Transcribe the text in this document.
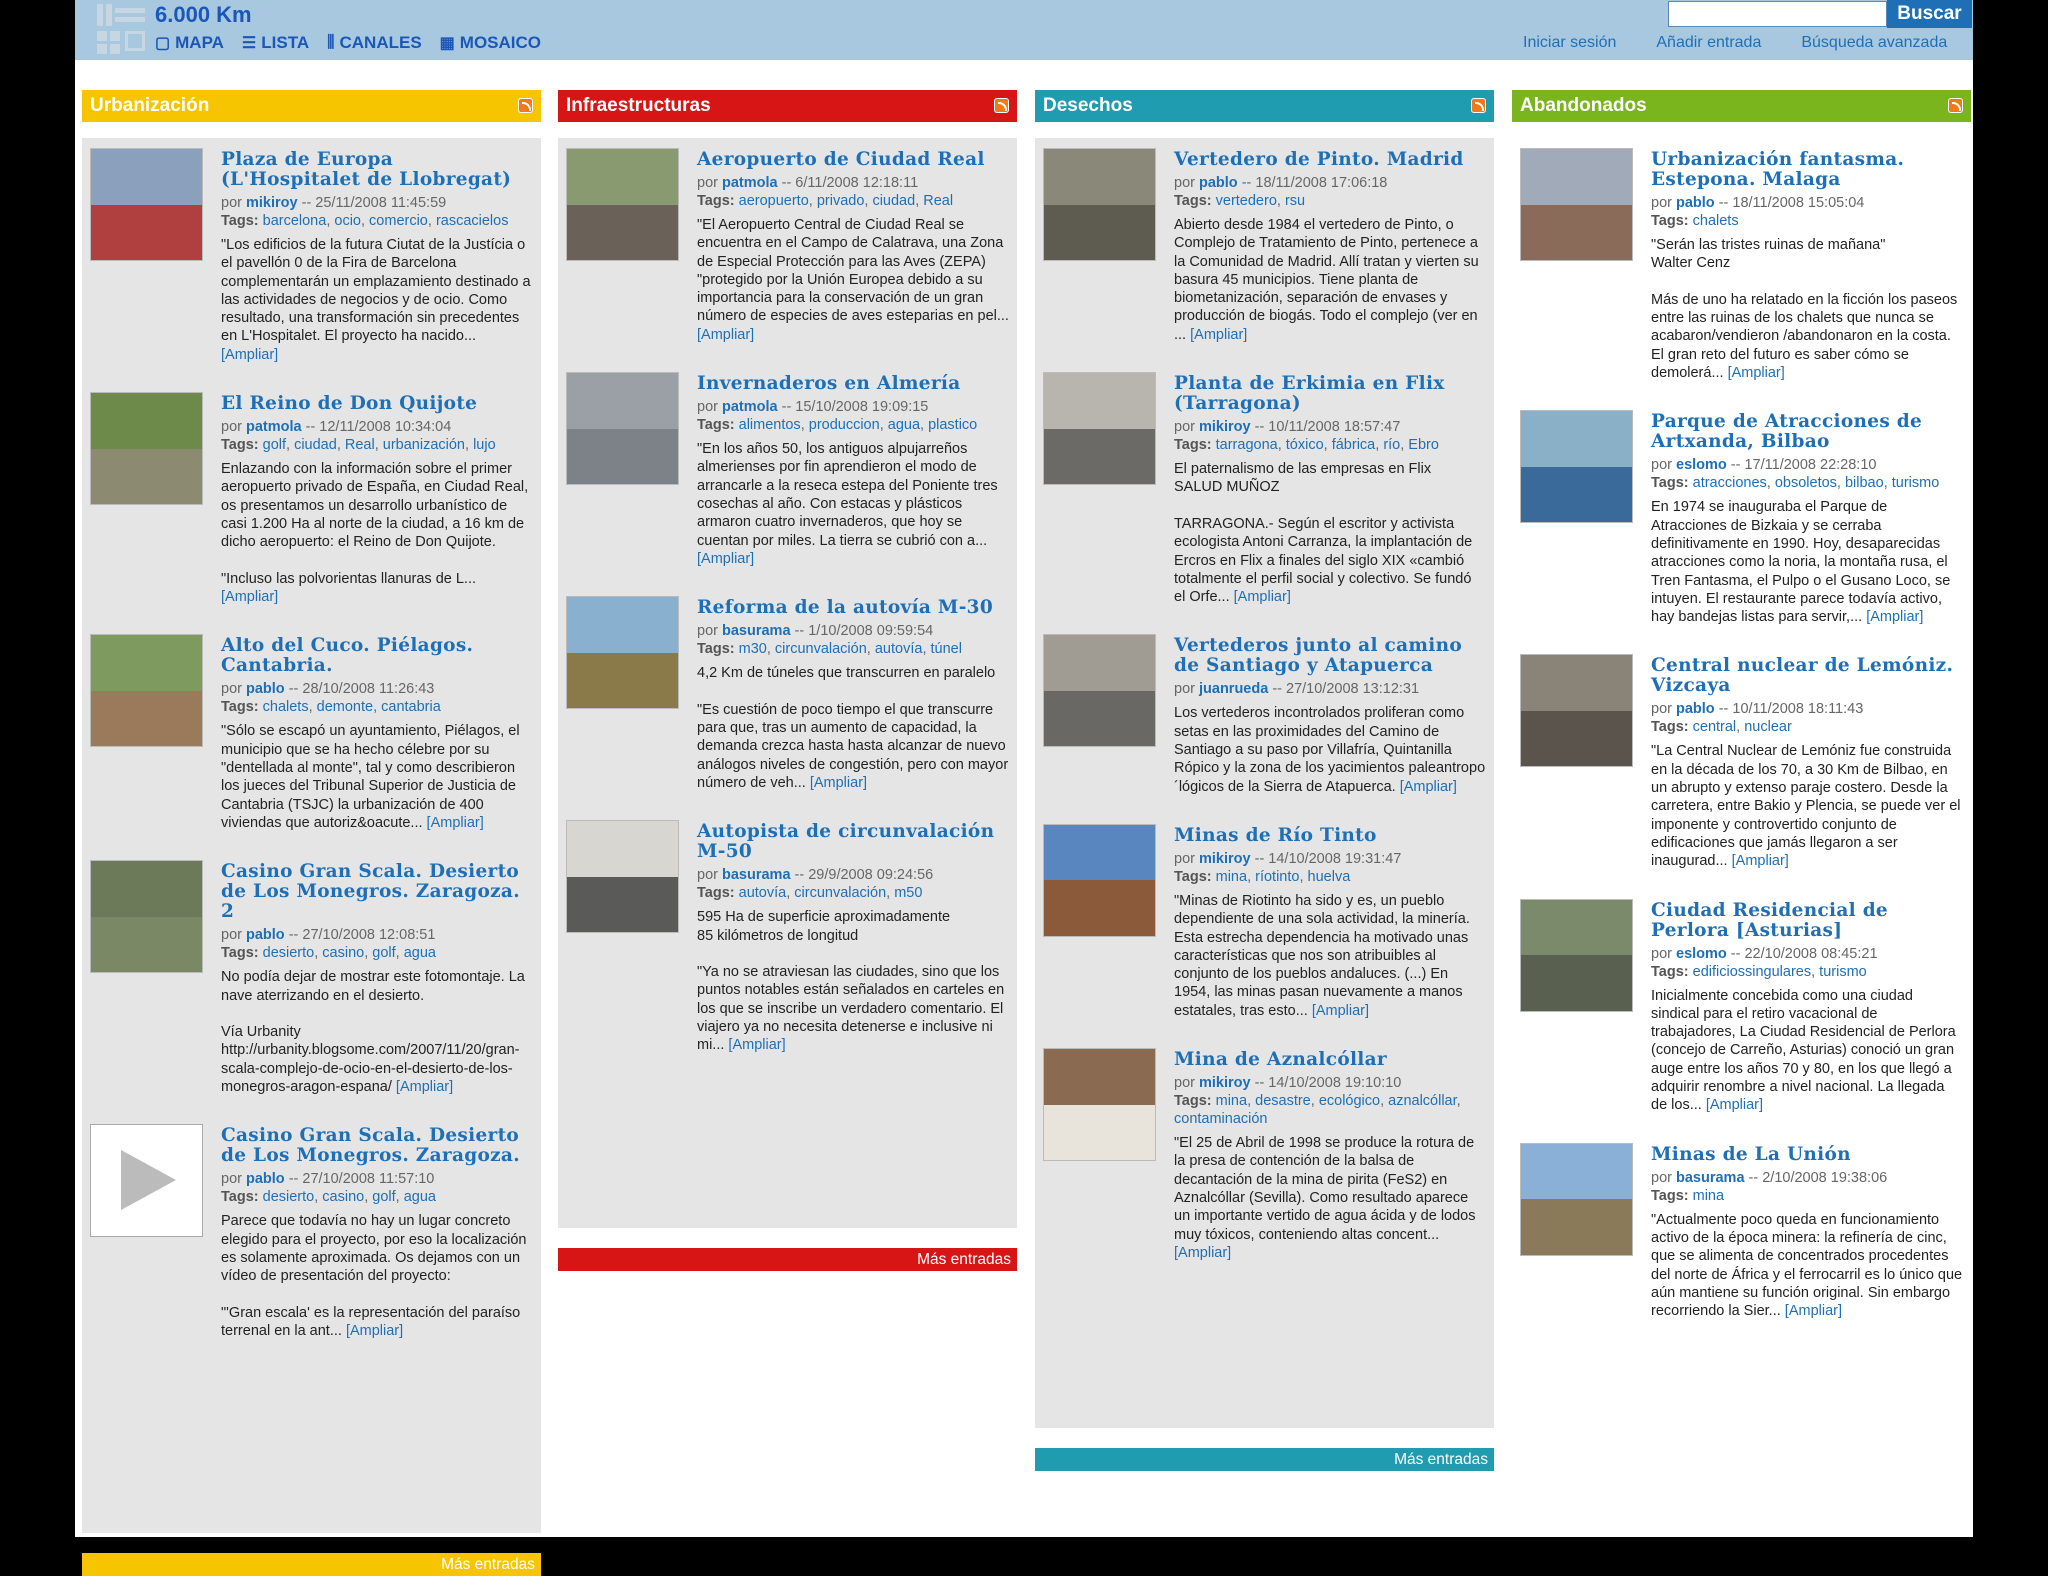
6.000 Km
▢ MAPA ☰ LISTA ⫼ CANALES ▦ MOSAICO
Buscar
Iniciar sesión	Añadir entrada	Búsqueda avanzada
Urbanización
Plaza de Europa (L'Hospitalet de Llobregat)
por mikiroy -- 25/11/2008 11:45:59
Tags: barcelona, ocio, comercio, rascacielos
"Los edificios de la futura Ciutat de la Justícia o el pavellón 0 de la Fira de Barcelona complementarán un emplazamiento destinado a las actividades de negocios y de ocio. Como resultado, una transformación sin precedentes en L'Hospitalet. El proyecto ha nacido... [Ampliar]
El Reino de Don Quijote
por patmola -- 12/11/2008 10:34:04
Tags: golf, ciudad, Real, urbanización, lujo
Enlazando con la información sobre el primer aeropuerto privado de España, en Ciudad Real, os presentamos un desarrollo urbanístico de casi 1.200 Ha al norte de la ciudad, a 16 km de dicho aeropuerto: el Reino de Don Quijote.

"Incluso las polvorientas llanuras de L... [Ampliar]
Alto del Cuco. Piélagos. Cantabria.
por pablo -- 28/10/2008 11:26:43
Tags: chalets, demonte, cantabria
"Sólo se escapó un ayuntamiento, Piélagos, el municipio que se ha hecho célebre por su "dentellada al monte", tal y como describieron los jueces del Tribunal Superior de Justicia de Cantabria (TSJC) la urbanización de 400 viviendas que autoriz&oacute... [Ampliar]
Casino Gran Scala. Desierto de Los Monegros. Zaragoza. 2
por pablo -- 27/10/2008 12:08:51
Tags: desierto, casino, golf, agua
No podía dejar de mostrar este fotomontaje. La nave aterrizando en el desierto.

Vía Urbanity http://urbanity.blogsome.com/2007/11/20/gran-scala-complejo-de-ocio-en-el-desierto-de-los-monegros-aragon-espana/ [Ampliar]
Casino Gran Scala. Desierto de Los Monegros. Zaragoza.
por pablo -- 27/10/2008 11:57:10
Tags: desierto, casino, golf, agua
Parece que todavía no hay un lugar concreto elegido para el proyecto, por eso la localización es solamente aproximada. Os dejamos con un vídeo de presentación del proyecto:

"'Gran escala' es la representación del paraíso terrenal en la ant... [Ampliar]
Más entradas
Infraestructuras
Aeropuerto de Ciudad Real
por patmola -- 6/11/2008 12:18:11
Tags: aeropuerto, privado, ciudad, Real
"El Aeropuerto Central de Ciudad Real se encuentra en el Campo de Calatrava, una Zona de Especial Protección para las Aves (ZEPA) "protegido por la Unión Europea debido a su importancia para la conservación de un gran número de especies de aves esteparias en pel... [Ampliar]
Invernaderos en Almería
por patmola -- 15/10/2008 19:09:15
Tags: alimentos, produccion, agua, plastico
"En los años 50, los antiguos alpujarreños almerienses por fin aprendieron el modo de arrancarle a la reseca estepa del Poniente tres cosechas al año. Con estacas y plásticos armaron cuatro invernaderos, que hoy se cuentan por miles. La tierra se cubrió con a... [Ampliar]
Reforma de la autovía M-30
por basurama -- 1/10/2008 09:59:54
Tags: m30, circunvalación, autovía, túnel
4,2 Km de túneles que transcurren en paralelo

"Es cuestión de poco tiempo el que transcurre para que, tras un aumento de capacidad, la demanda crezca hasta hasta alcanzar de nuevo análogos niveles de congestión, pero con mayor número de veh... [Ampliar]
Autopista de circunvalación M-50
por basurama -- 29/9/2008 09:24:56
Tags: autovía, circunvalación, m50
595 Ha de superficie aproximadamente
85 kilómetros de longitud

"Ya no se atraviesan las ciudades, sino que los puntos notables están señalados en carteles en los que se inscribe un verdadero comentario. El viajero ya no necesita detenerse e inclusive ni mi... [Ampliar]
Más entradas
Desechos
Vertedero de Pinto. Madrid
por pablo -- 18/11/2008 17:06:18
Tags: vertedero, rsu
Abierto desde 1984 el vertedero de Pinto, o Complejo de Tratamiento de Pinto, pertenece a la Comunidad de Madrid. Allí tratan y vierten su basura 45 municipios. Tiene planta de biometanización, separación de envases y producción de biogás. Todo el complejo (ver en ... [Ampliar]
Planta de Erkimia en Flix (Tarragona)
por mikiroy -- 10/11/2008 18:57:47
Tags: tarragona, tóxico, fábrica, río, Ebro
El paternalismo de las empresas en Flix
SALUD MUÑOZ

TARRAGONA.- Según el escritor y activista ecologista Antoni Carranza, la implantación de Ercros en Flix a finales del siglo XIX «cambió totalmente el perfil social y colectivo. Se fundó el Orfe... [Ampliar]
Vertederos junto al camino de Santiago y Atapuerca
por juanrueda -- 27/10/2008 13:12:31
Los vertederos incontrolados proliferan como setas en las proximidades del Camino de Santiago a su paso por Villafría, Quintanilla Rópico y la zona de los yacimientos paleantropo´lógicos de la Sierra de Atapuerca. [Ampliar]
Minas de Río Tinto
por mikiroy -- 14/10/2008 19:31:47
Tags: mina, ríotinto, huelva
"Minas de Riotinto ha sido y es, un pueblo dependiente de una sola actividad, la minería. Esta estrecha dependencia ha motivado unas características que nos son atribuibles al conjunto de los pueblos andaluces. (...) En 1954, las minas pasan nuevamente a manos estatales, tras esto... [Ampliar]
Mina de Aznalcóllar
por mikiroy -- 14/10/2008 19:10:10
Tags: mina, desastre, ecológico, aznalcóllar, contaminación
"El 25 de Abril de 1998 se produce la rotura de la presa de contención de la balsa de decantación de la mina de pirita (FeS2) en Aznalcóllar (Sevilla). Como resultado aparece un importante vertido de agua ácida y de lodos muy tóxicos, conteniendo altas concent... [Ampliar]
Más entradas
Abandonados
Urbanización fantasma. Estepona. Malaga
por pablo -- 18/11/2008 15:05:04
Tags: chalets
"Serán las tristes ruinas de mañana"
Walter Cenz

Más de uno ha relatado en la ficción los paseos entre las ruinas de los chalets que nunca se acabaron/vendieron /abandonaron en la costa. El gran reto del futuro es saber cómo se demolerá... [Ampliar]
Parque de Atracciones de Artxanda, Bilbao
por eslomo -- 17/11/2008 22:28:10
Tags: atracciones, obsoletos, bilbao, turismo
En 1974 se inauguraba el Parque de Atracciones de Bizkaia y se cerraba definitivamente en 1990. Hoy, desaparecidas atracciones como la noria, la montaña rusa, el Tren Fantasma, el Pulpo o el Gusano Loco, se intuyen. El restaurante parece todavía activo, hay bandejas listas para servir,... [Ampliar]
Central nuclear de Lemóniz. Vizcaya
por pablo -- 10/11/2008 18:11:43
Tags: central, nuclear
"La Central Nuclear de Lemóniz fue construida en la década de los 70, a 30 Km de Bilbao, en un abrupto y extenso paraje costero. Desde la carretera, entre Bakio y Plencia, se puede ver el imponente y controvertido conjunto de edificaciones que jamás llegaron a ser inaugurad... [Ampliar]
Ciudad Residencial de Perlora [Asturias]
por eslomo -- 22/10/2008 08:45:21
Tags: edificiossingulares, turismo
Inicialmente concebida como una ciudad sindical para el retiro vacacional de trabajadores, La Ciudad Residencial de Perlora (concejo de Carreño, Asturias) conoció un gran auge entre los años 70 y 80, en los que llegó a adquirir renombre a nivel nacional. La llegada de los... [Ampliar]
Minas de La Unión
por basurama -- 2/10/2008 19:38:06
Tags: mina
"Actualmente poco queda en funcionamiento activo de la época minera: la refinería de cinc, que se alimenta de concentrados procedentes del norte de África y el ferrocarril es lo único que aún mantiene su función original. Sin embargo recorriendo la Sier... [Ampliar]
